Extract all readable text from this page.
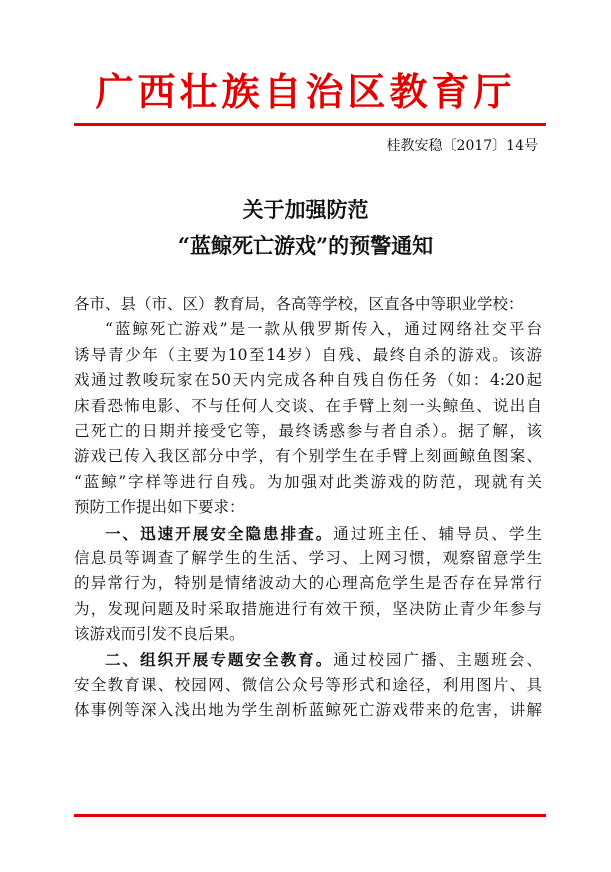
广西壮族自治区教育厅
桂教安稳〔2017〕14号
关于加强防范
“蓝鲸死亡游戏”的预警通知
各市、县（市、区）教育局，各高等学校，区直各中等职业学校：
“蓝鲸死亡游戏”是一款从俄罗斯传入，通过网络社交平台
诱导青少年（主要为10至14岁）自残、最终自杀的游戏。该游
戏通过教唆玩家在50天内完成各种自残自伤任务（如：4:20起
床看恐怖电影、不与任何人交谈、在手臂上刻一头鲸鱼、说出自
己死亡的日期并接受它等，最终诱惑参与者自杀）。据了解，该
游戏已传入我区部分中学，有个别学生在手臂上刻画鲸鱼图案、
“蓝鲸”字样等进行自残。为加强对此类游戏的防范，现就有关
预防工作提出如下要求：
一、迅速开展安全隐患排查。通过班主任、辅导员、学生
信息员等调查了解学生的生活、学习、上网习惯，观察留意学生
的异常行为，特别是情绪波动大的心理高危学生是否存在异常行
为，发现问题及时采取措施进行有效干预，坚决防止青少年参与
该游戏而引发不良后果。
二、组织开展专题安全教育。通过校园广播、主题班会、
安全教育课、校园网、微信公众号等形式和途径，利用图片、具
体事例等深入浅出地为学生剖析蓝鲸死亡游戏带来的危害，讲解
